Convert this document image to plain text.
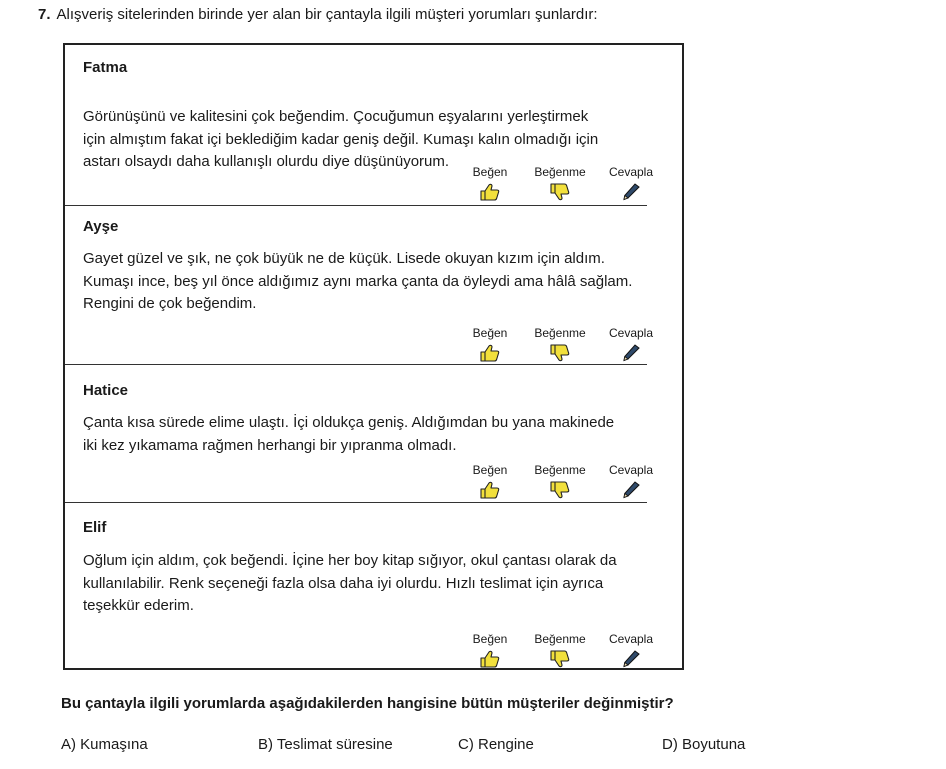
7. Alışveriş sitelerinden birinde yer alan bir çantayla ilgili müşteri yorumları şunlardır:
Fatma
Görünüşünü ve kalitesini çok beğendim. Çocuğumun eşyalarını yerleştirmek
için almıştım fakat içi beklediğim kadar geniş değil. Kumaşı kalın olmadığı için
astarı olsaydı daha kullanışlı olurdu diye düşünüyorum.
Beğen	Beğenme	Cevapla
Ayşe
Gayet güzel ve şık, ne çok büyük ne de küçük. Lisede okuyan kızım için aldım.
Kumaşı ince, beş yıl önce aldığımız aynı marka çanta da öyleydi ama hâlâ sağlam.
Rengini de çok beğendim.
Beğen	Beğenme	Cevapla
Hatice
Çanta kısa sürede elime ulaştı. İçi oldukça geniş. Aldığımdan bu yana makinede
iki kez yıkamama rağmen herhangi bir yıpranma olmadı.
Beğen	Beğenme	Cevapla
Elif
Oğlum için aldım, çok beğendi. İçine her boy kitap sığıyor, okul çantası olarak da
kullanılabilir. Renk seçeneği fazla olsa daha iyi olurdu. Hızlı teslimat için ayrıca
teşekkür ederim.
Beğen	Beğenme	Cevapla
Bu çantayla ilgili yorumlarda aşağıdakilerden hangisine bütün müşteriler değinmiştir?
A) Kumaşına	B) Teslimat süresine	C) Rengine	D) Boyutuna
